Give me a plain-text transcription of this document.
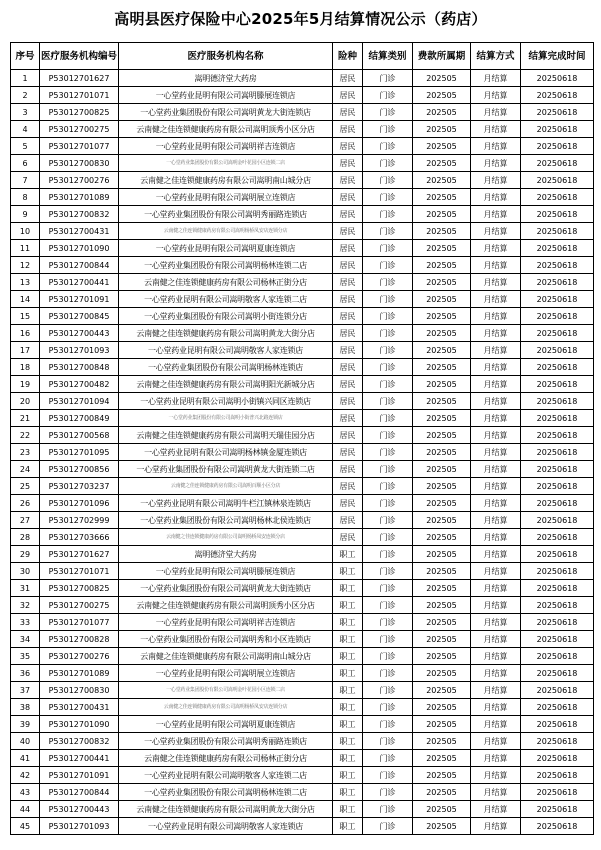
高明县医疗保险中心2025年5月结算情况公示（药店）
序号	医疗服务机构编号	医疗服务机构名称	险种	结算类别	费款所属期	结算方式	结算完成时间
1	P53012701627	嵩明德济堂大药房	居民	门诊	202505	月结算	20250618
2	P53012701071	一心堂药业昆明有限公司嵩明滕展连锁店	居民	门诊	202505	月结算	20250618
3	P53012700825	一心堂药业集团股份有限公司嵩明黄龙大街连锁店	居民	门诊	202505	月结算	20250618
4	P53012700275	云南健之佳连锁健康药房有限公司嵩明顶秀小区分店	居民	门诊	202505	月结算	20250618
5	P53012701077	一心堂药业昆明有限公司嵩明祥吉连锁店	居民	门诊	202505	月结算	20250618
6	P53012700830	一心堂药业集团股份有限公司嵩明金叶花园小区连锁二店	居民	门诊	202505	月结算	20250618
7	P53012700276	云南健之佳连锁健康药房有限公司嵩明南山城分店	居民	门诊	202505	月结算	20250618
8	P53012701089	一心堂药业昆明有限公司嵩明展立连锁店	居民	门诊	202505	月结算	20250618
9	P53012700832	一心堂药业集团股份有限公司嵩明秀丽路连锁店	居民	门诊	202505	月结算	20250618
10	P53012700431	云南健之佳连锁健康药房有限公司嵩明杨桥凤安店连锁分店	居民	门诊	202505	月结算	20250618
11	P53012701090	一心堂药业昆明有限公司嵩明夏康连锁店	居民	门诊	202505	月结算	20250618
12	P53012700844	一心堂药业集团股份有限公司嵩明杨林连锁二店	居民	门诊	202505	月结算	20250618
13	P53012700441	云南健之佳连锁健康药房有限公司杨林正街分店	居民	门诊	202505	月结算	20250618
14	P53012701091	一心堂药业昆明有限公司嵩明敬客人家连锁二店	居民	门诊	202505	月结算	20250618
15	P53012700845	一心堂药业集团股份有限公司嵩明小街连锁分店	居民	门诊	202505	月结算	20250618
16	P53012700443	云南健之佳连锁健康药房有限公司嵩明黄龙大街分店	居民	门诊	202505	月结算	20250618
17	P53012701093	一心堂药业昆明有限公司嵩明敬客人家连锁店	居民	门诊	202505	月结算	20250618
18	P53012700848	一心堂药业集团股份有限公司嵩明杨林连锁店	居民	门诊	202505	月结算	20250618
19	P53012700482	云南健之佳连锁健康药房有限公司嵩明阳光新城分店	居民	门诊	202505	月结算	20250618
20	P53012701094	一心堂药业昆明有限公司嵩明小街镇兴同区连锁店	居民	门诊	202505	月结算	20250618
21	P53012700849	一心堂药业集团股份有限公司嵩明小街普兴北路连锁店	居民	门诊	202505	月结算	20250618
22	P53012700568	云南健之佳连锁健康药房有限公司嵩明天瑞佳园分店	居民	门诊	202505	月结算	20250618
23	P53012701095	一心堂药业昆明有限公司嵩明杨林镇金厦连锁店	居民	门诊	202505	月结算	20250618
24	P53012700856	一心堂药业集团股份有限公司嵩明黄龙大街连锁二店	居民	门诊	202505	月结算	20250618
25	P53012703237	云南健之佳连锁健康药房有限公司嵩明百顺小区分店	居民	门诊	202505	月结算	20250618
26	P53012701096	一心堂药业昆明有限公司嵩明牛栏江镇林泉连锁店	居民	门诊	202505	月结算	20250618
27	P53012702999	一心堂药业集团股份有限公司嵩明杨林北侯连锁店	居民	门诊	202505	月结算	20250618
28	P53012703666	云南健之佳连锁健康药房有限公司嵩明杨桥凤安连锁分店	居民	门诊	202505	月结算	20250618
29	P53012701627	嵩明德济堂大药房	职工	门诊	202505	月结算	20250618
30	P53012701071	一心堂药业昆明有限公司嵩明滕展连锁店	职工	门诊	202505	月结算	20250618
31	P53012700825	一心堂药业集团股份有限公司嵩明黄龙大街连锁店	职工	门诊	202505	月结算	20250618
32	P53012700275	云南健之佳连锁健康药房有限公司嵩明顶秀小区分店	职工	门诊	202505	月结算	20250618
33	P53012701077	一心堂药业昆明有限公司嵩明祥吉连锁店	职工	门诊	202505	月结算	20250618
34	P53012700828	一心堂药业集团股份有限公司嵩明秀和小区连锁店	职工	门诊	202505	月结算	20250618
35	P53012700276	云南健之佳连锁健康药房有限公司嵩明南山城分店	职工	门诊	202505	月结算	20250618
36	P53012701089	一心堂药业昆明有限公司嵩明展立连锁店	职工	门诊	202505	月结算	20250618
37	P53012700830	一心堂药业集团股份有限公司嵩明金叶花园小区连锁二店	职工	门诊	202505	月结算	20250618
38	P53012700431	云南健之佳连锁健康药房有限公司嵩明杨桥凤安店连锁分店	职工	门诊	202505	月结算	20250618
39	P53012701090	一心堂药业昆明有限公司嵩明夏康连锁店	职工	门诊	202505	月结算	20250618
40	P53012700832	一心堂药业集团股份有限公司嵩明秀丽路连锁店	职工	门诊	202505	月结算	20250618
41	P53012700441	云南健之佳连锁健康药房有限公司杨林正街分店	职工	门诊	202505	月结算	20250618
42	P53012701091	一心堂药业昆明有限公司嵩明敬客人家连锁二店	职工	门诊	202505	月结算	20250618
43	P53012700844	一心堂药业集团股份有限公司嵩明杨林连锁二店	职工	门诊	202505	月结算	20250618
44	P53012700443	云南健之佳连锁健康药房有限公司嵩明黄龙大街分店	职工	门诊	202505	月结算	20250618
45	P53012701093	一心堂药业昆明有限公司嵩明敬客人家连锁店	职工	门诊	202505	月结算	20250618
